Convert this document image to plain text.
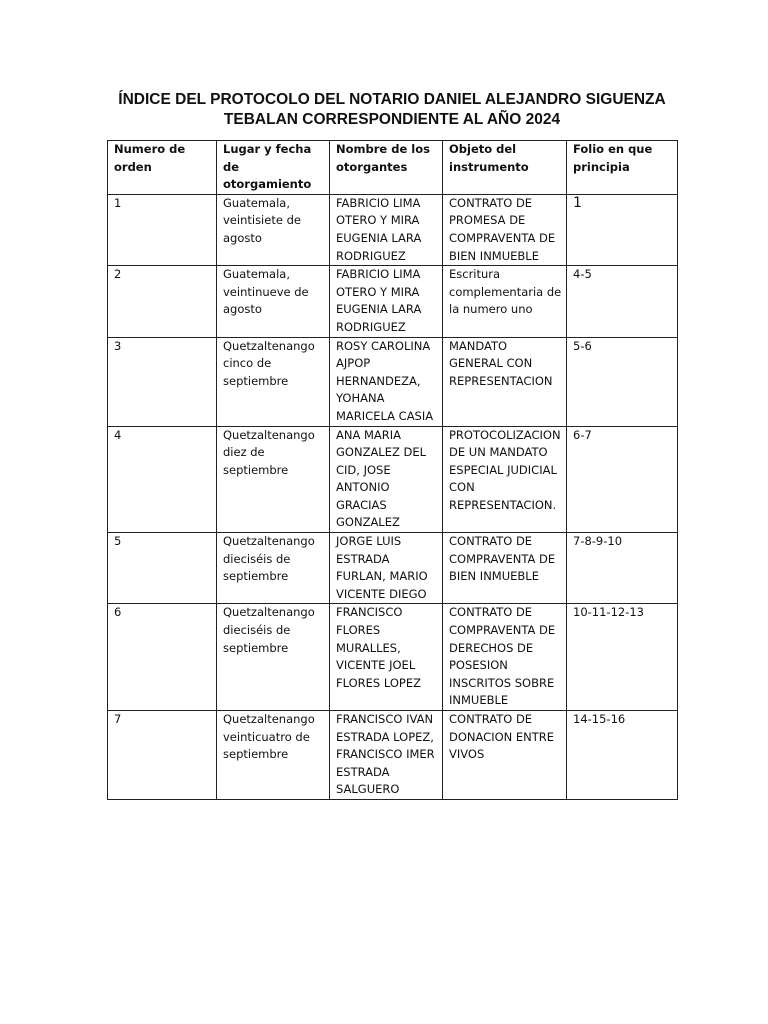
ÍNDICE DEL PROTOCOLO DEL NOTARIO DANIEL ALEJANDRO SIGUENZA
TEBALAN CORRESPONDIENTE AL AÑO 2024
Numero de orden	Lugar y fecha de otorgamiento	Nombre de los otorgantes	Objeto del instrumento	Folio en que principia
1	Guatemala, veintisiete de agosto	FABRICIO LIMA OTERO Y MIRA EUGENIA LARA RODRIGUEZ	CONTRATO DE PROMESA DE COMPRAVENTA DE BIEN INMUEBLE	1
2	Guatemala, veintinueve de agosto	FABRICIO LIMA OTERO Y MIRA EUGENIA LARA RODRIGUEZ	Escritura complementaria de la numero uno	4-5
3	Quetzaltenango cinco de septiembre	ROSY CAROLINA AJPOP HERNANDEZA, YOHANA MARICELA CASIA	MANDATO GENERAL CON REPRESENTACION	5-6
4	Quetzaltenango diez de septiembre	ANA MARIA GONZALEZ DEL CID, JOSE ANTONIO GRACIAS GONZALEZ	PROTOCOLIZACION DE UN MANDATO ESPECIAL JUDICIAL CON REPRESENTACION.	6-7
5	Quetzaltenango dieciséis de septiembre	JORGE LUIS ESTRADA FURLAN, MARIO VICENTE DIEGO	CONTRATO DE COMPRAVENTA DE BIEN INMUEBLE	7-8-9-10
6	Quetzaltenango dieciséis de septiembre	FRANCISCO FLORES MURALLES, VICENTE JOEL FLORES LOPEZ	CONTRATO DE COMPRAVENTA DE DERECHOS DE POSESION INSCRITOS SOBRE INMUEBLE	10-11-12-13
7	Quetzaltenango veinticuatro de septiembre	FRANCISCO IVAN ESTRADA LOPEZ, FRANCISCO IMER ESTRADA SALGUERO	CONTRATO DE DONACION ENTRE VIVOS	14-15-16
